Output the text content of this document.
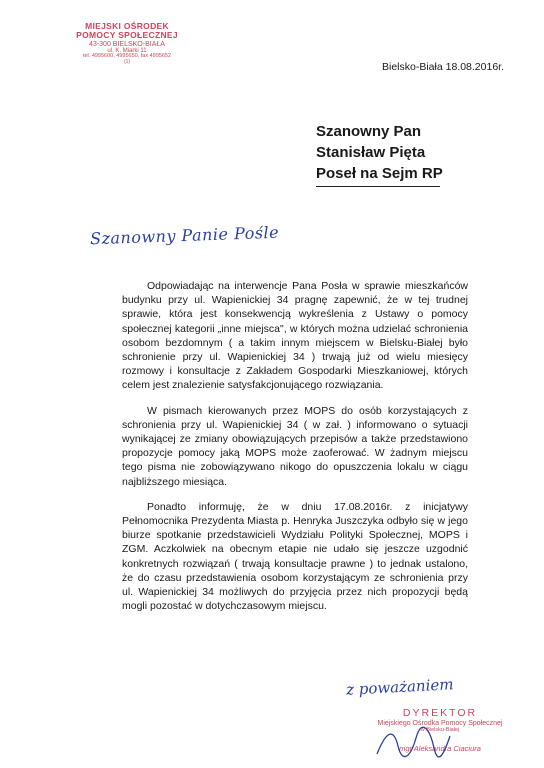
MIEJSKI OŚRODEK
POMOCY SPOŁECZNEJ
43-300 BIELSKO-BIAŁA
ul. K. Miarki 11
tel. 4995600, 4995650, fax 4995652
(1)	Bielsko-Biała 18.08.2016r.
Szanowny Pan
Stanisław Pięta
Poseł na Sejm RP
Szanowny Panie Pośle

Odpowiadając na interwencje Pana Posła w sprawie mieszkańców budynku przy ul. Wapienickiej 34 pragnę zapewnić, że w tej trudnej sprawie, która jest konsekwencją wykreślenia z Ustawy o pomocy społecznej kategorii „inne miejsca", w których można udzielać schronienia osobom bezdomnym ( a takim innym miejscem w Bielsku-Białej było schronienie przy ul. Wapienickiej 34 ) trwają już od wielu miesięcy rozmowy i konsultacje z Zakładem Gospodarki Mieszkaniowej, których celem jest znalezienie satysfakcjonującego rozwiązania.

W pismach kierowanych przez MOPS do osób korzystających z schronienia przy ul. Wapienickiej 34 ( w zał. ) informowano o sytuacji wynikającej ze zmiany obowiązujących przepisów a także przedstawiono propozycje pomocy jaką MOPS może zaoferować. W żadnym miejscu tego pisma nie zobowiązywano nikogo do opuszczenia lokalu w ciągu najbliższego miesiąca.

Ponadto informuję, że w dniu 17.08.2016r. z inicjatywy Pełnomocnika Prezydenta Miasta p. Henryka Juszczyka odbyło się w jego biurze spotkanie przedstawicieli Wydziału Polityki Społecznej, MOPS i ZGM. Aczkolwiek na obecnym etapie nie udało się jeszcze uzgodnić konkretnych rozwiązań ( trwają konsultacje prawne ) to jednak ustalono, że do czasu przedstawienia osobom korzystającym ze schronienia przy ul. Wapienickiej 34 możliwych do przyjęcia przez nich propozycji będą mogli pozostać w dotychczasowym miejscu.

z poważaniem
DYREKTOR
Miejskiego Ośrodka Pomocy Społecznej
w Bielsku-Białej
mgr Aleksandra Ciaciura
